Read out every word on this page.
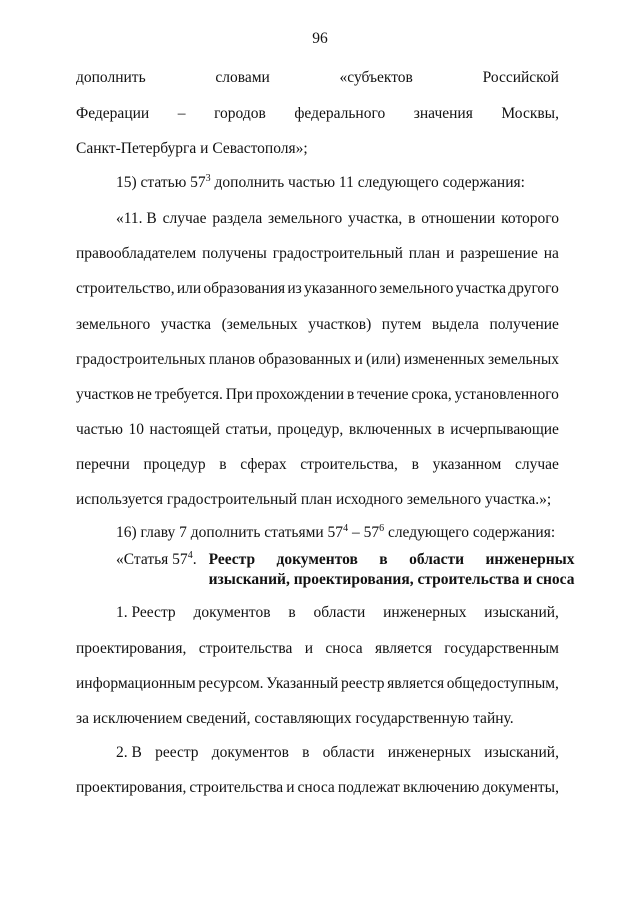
96
дополнить	словами	«субъектов	Российской
Федерации – городов федерального значения Москвы,
Санкт-Петербурга и Севастополя»;
15) статью $57^3$ дополнить частью 11 следующего содержания:
«11. В случае раздела земельного участка, в отношении которого
правообладателем получены градостроительный план и разрешение на
строительство, или образования из указанного земельного участка другого
земельного участка (земельных участков) путем выдела получение
градостроительных планов образованных и (или) измененных земельных
участков не требуется. При прохождении в течение срока, установленного
частью 10 настоящей статьи, процедур, включенных в исчерпывающие
перечни процедур в сферах строительства, в указанном случае
используется градостроительный план исходного земельного участка.»;
16) главу 7 дополнить статьями $57^4 - 57^6$ следующего содержания:
«Статья $57^4$. Реестр документов в области инженерных
изысканий, проектирования, строительства и сноса
1. Реестр документов в области инженерных изысканий,
проектирования, строительства и сноса является государственным
информационным ресурсом. Указанный реестр является общедоступным,
за исключением сведений, составляющих государственную тайну.
2. В реестр документов в области инженерных изысканий,
проектирования, строительства и сноса подлежат включению документы,
